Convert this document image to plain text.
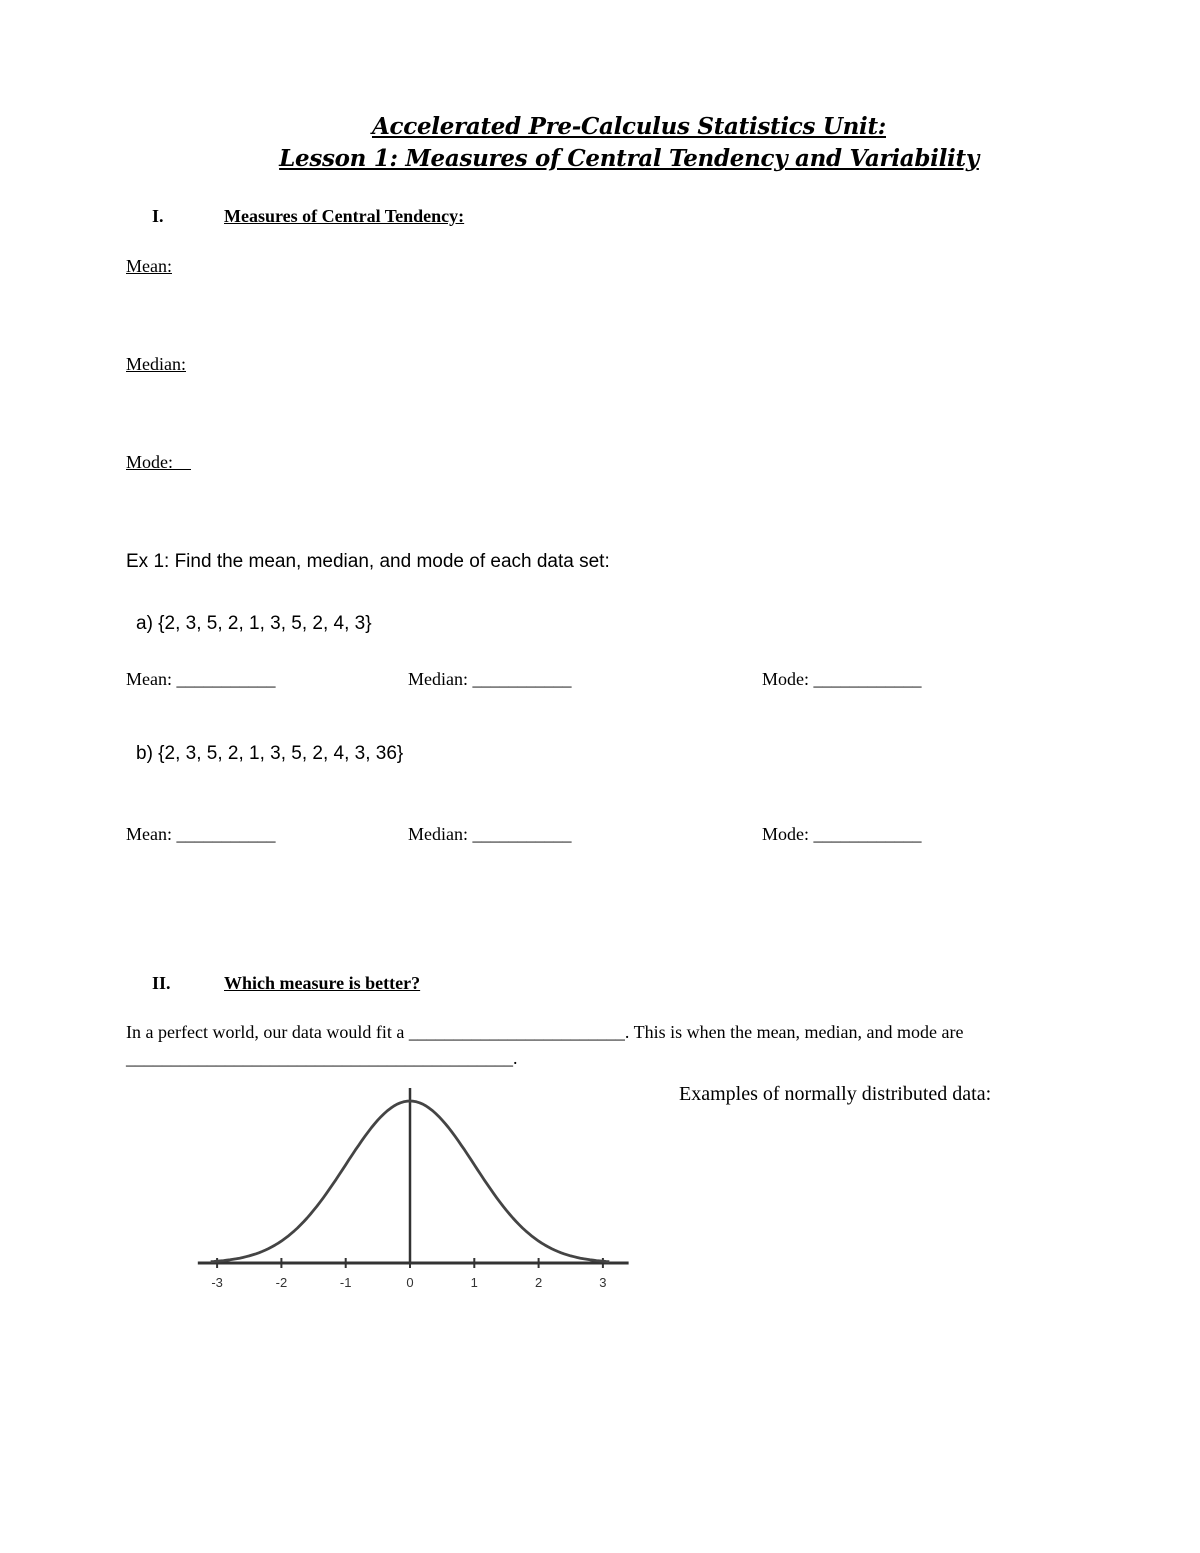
Accelerated Pre-Calculus Statistics Unit:
Lesson 1: Measures of Central Tendency and Variability
I.	Measures of Central Tendency:
Mean:
Median:
Mode:
Ex 1: Find the mean, median, and mode of each data set:
a) {2, 3, 5, 2, 1, 3, 5, 2, 4, 3}
Mean: ___________	Median: ___________	Mode: ____________
b) {2, 3, 5, 2, 1, 3, 5, 2, 4, 3, 36}
Mean: ___________	Median: ___________	Mode: ____________
II.	Which measure is better?
In a perfect world, our data would fit a ________________________. This is when the mean, median, and mode are
___________________________________________.
Examples of normally distributed data:
-3	-2	-1	0	1	2	3
